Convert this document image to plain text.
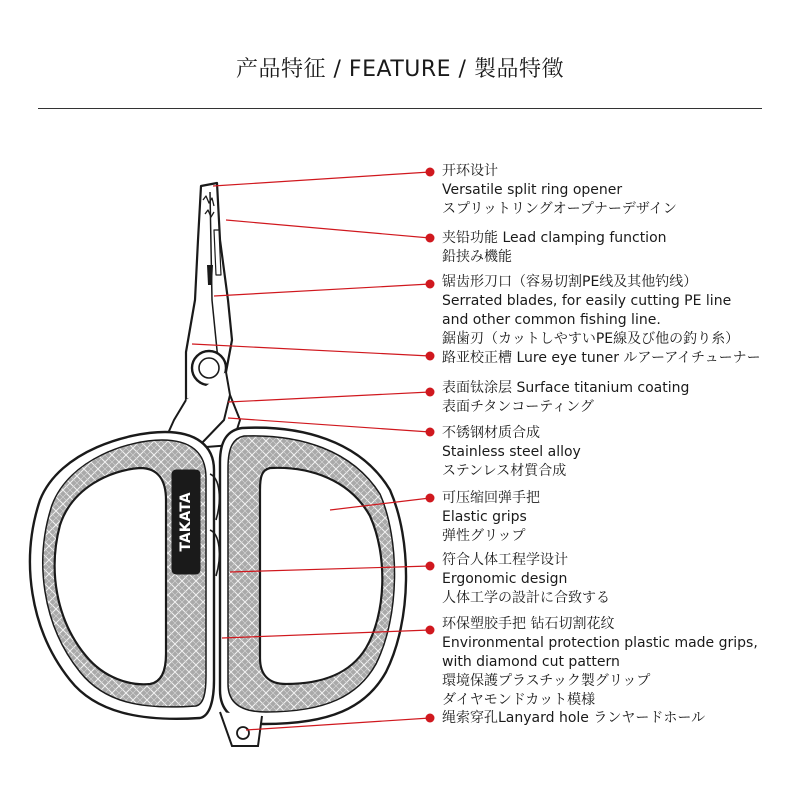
产品特征 / FEATURE / 製品特徵
TAKATA
开环设计
Versatile split ring opener
スプリットリングオープナーデザイン
夹铅功能 Lead clamping function
鉛挟み機能
锯齿形刀口（容易切割PE线及其他钓线）
Serrated blades, for easily cutting PE line
and other common fishing line.
鋸歯刃（カットしやすいPE線及び他の釣り糸）
路亚校正槽 Lure eye tuner ルアーアイチューナー
表面钛涂层 Surface titanium coating
表面チタンコーティング
不锈钢材质合成
Stainless steel alloy
ステンレス材質合成
可压缩回弹手把
Elastic grips
弹性グリップ
符合人体工程学设计
Ergonomic design
人体工学の設計に合致する
环保塑胶手把 钻石切割花纹
Environmental protection plastic made grips,
with diamond cut pattern
環境保護プラスチック製グリップ
ダイヤモンドカット模様
绳索穿孔Lanyard hole ランヤードホール
